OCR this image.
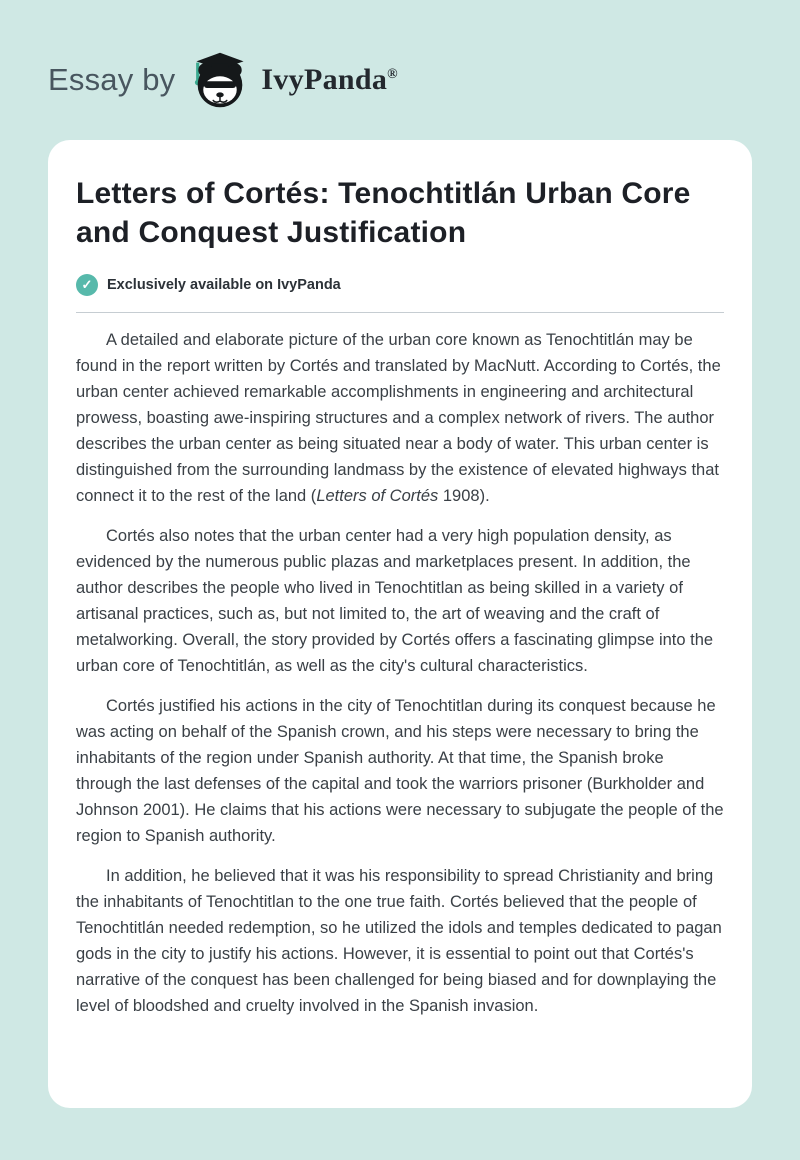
Essay by	IvyPanda®
Letters of Cortés: Tenochtitlán Urban Core and Conquest Justification
✓	Exclusively available on IvyPanda

A detailed and elaborate picture of the urban core known as Tenochtitlán may be found in the report written by Cortés and translated by MacNutt. According to Cortés, the urban center achieved remarkable accomplishments in engineering and architectural prowess, boasting awe-inspiring structures and a complex network of rivers. The author describes the urban center as being situated near a body of water. This urban center is distinguished from the surrounding landmass by the existence of elevated highways that connect it to the rest of the land (Letters of Cortés 1908).

Cortés also notes that the urban center had a very high population density, as evidenced by the numerous public plazas and marketplaces present. In addition, the author describes the people who lived in Tenochtitlan as being skilled in a variety of artisanal practices, such as, but not limited to, the art of weaving and the craft of metalworking. Overall, the story provided by Cortés offers a fascinating glimpse into the urban core of Tenochtitlán, as well as the city's cultural characteristics.

Cortés justified his actions in the city of Tenochtitlan during its conquest because he was acting on behalf of the Spanish crown, and his steps were necessary to bring the inhabitants of the region under Spanish authority. At that time, the Spanish broke through the last defenses of the capital and took the warriors prisoner (Burkholder and Johnson 2001). He claims that his actions were necessary to subjugate the people of the region to Spanish authority.

In addition, he believed that it was his responsibility to spread Christianity and bring the inhabitants of Tenochtitlan to the one true faith. Cortés believed that the people of Tenochtitlán needed redemption, so he utilized the idols and temples dedicated to pagan gods in the city to justify his actions. However, it is essential to point out that Cortés's narrative of the conquest has been challenged for being biased and for downplaying the level of bloodshed and cruelty involved in the Spanish invasion.
